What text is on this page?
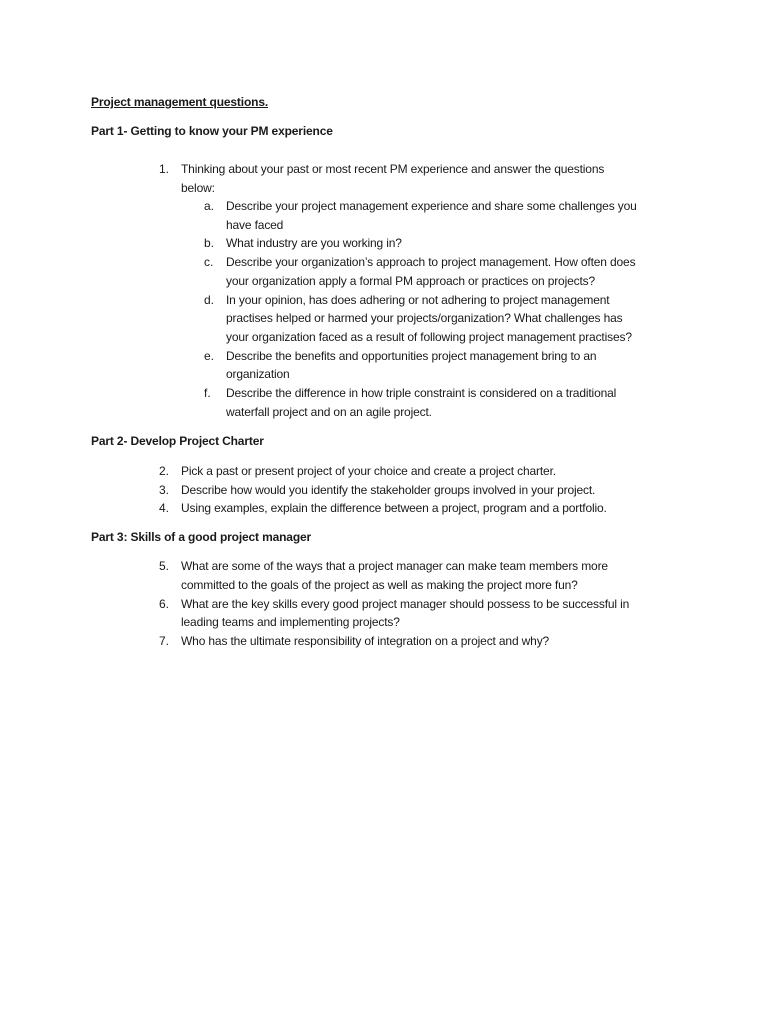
Project management questions.
Part 1- Getting to know your PM experience
1. Thinking about your past or most recent PM experience and answer the questions
below:
a. Describe your project management experience and share some challenges you
have faced
b. What industry are you working in?
c. Describe your organization’s approach to project management. How often does
your organization apply a formal PM approach or practices on projects?
d. In your opinion, has does adhering or not adhering to project management
practises helped or harmed your projects/organization? What challenges has
your organization faced as a result of following project management practises?
e. Describe the benefits and opportunities project management bring to an
organization
f. Describe the difference in how triple constraint is considered on a traditional
waterfall project and on an agile project.
Part 2- Develop Project Charter
2. Pick a past or present project of your choice and create a project charter.
3. Describe how would you identify the stakeholder groups involved in your project.
4. Using examples, explain the difference between a project, program and a portfolio.
Part 3: Skills of a good project manager
5. What are some of the ways that a project manager can make team members more
committed to the goals of the project as well as making the project more fun?
6. What are the key skills every good project manager should possess to be successful in
leading teams and implementing projects?
7. Who has the ultimate responsibility of integration on a project and why?
